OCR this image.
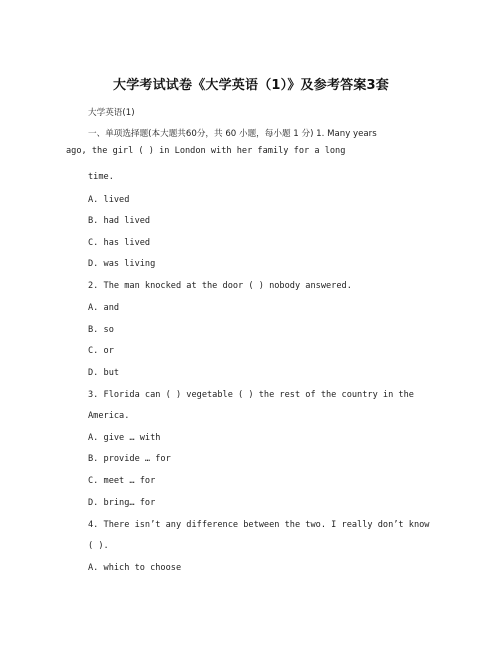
大学考试试卷《大学英语（1）》及参考答案3套
大学英语(1)
一、单项选择题(本大题共60分，共 60 小题，每小题 1 分) 1. Many years
ago, the girl ( ) in London with her family for a long
time.
A. lived
B. had lived
C. has lived
D. was living
2. The man knocked at the door ( ) nobody answered.
A. and
B. so
C. or
D. but
3. Florida can ( ) vegetable ( ) the rest of the country in the
America.
A. give … with
B. provide … for
C. meet … for
D. bring… for
4. There isn’t any difference between the two. I really don’t know
( ).
A. which to choose
